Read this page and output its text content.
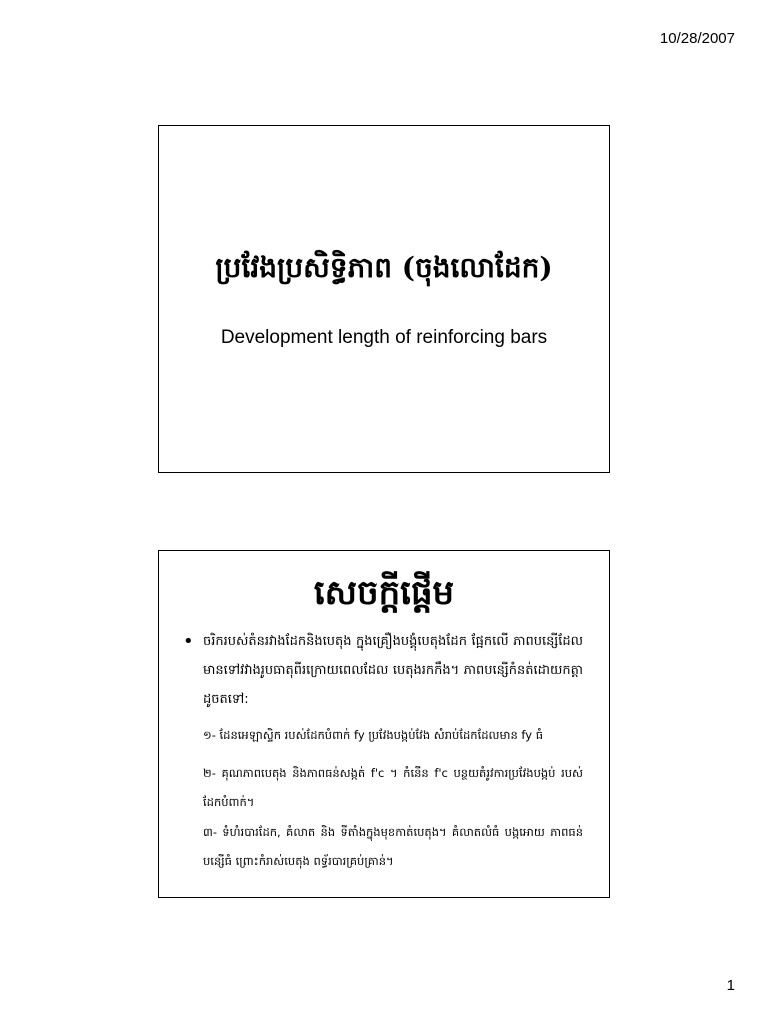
10/28/2007
ប្រវែងប្រសិទ្ធិភាព (ចុងលោដែក)
Development length of reinforcing bars
សេចក្តីផ្តើម
• ចរិករបស់តំនរវាងដែកនិងបេតុង ក្នុងគ្រឿងបង្គុំបេតុងដែក ផ្អែកលើ ភាពបន្សើដែលមានទៅវវាងរូបធាតុពីរក្រោយពេលដែល បេតុងរកកឹង។ ភាពបន្សើកំនត់ដោយកត្តាដូចតទៅ:
១- ដែនអេឡាស្ទិក របស់ដែកបំពាក់ fy ប្រវែងបង្កប់វែង សំរាប់ដែកដែលមាន fy ធំ
២- គុណភាពបេតុង និងភាពធន់សង្កត់ f'c ។ កំនើន f'c បន្ថយតំរូវការប្រវែងបង្កប់ របស់ដែកបំពាក់។
៣- ទំហំរបារដែក, គំលាត និង ទីតាំងក្នុងមុខកាត់បេតុង។ គំលាតលំធំ បង្កអោយ ភាពធន់បន្សើធំ ព្រោះកំរាស់បេតុង ពទ្ធ័របារគ្រប់គ្រាន់។
1
